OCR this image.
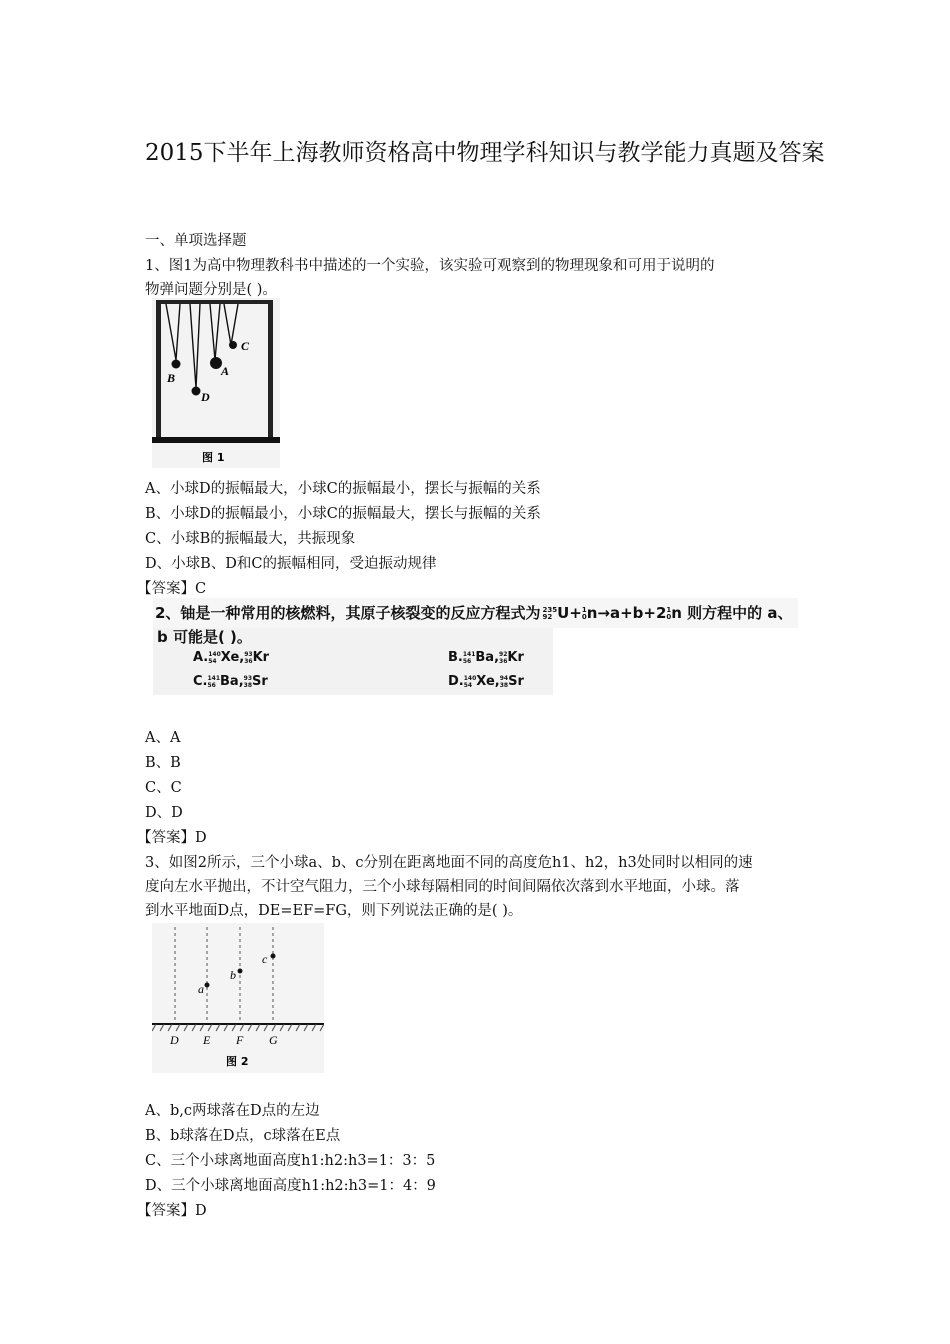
2015下半年上海教师资格高中物理学科知识与教学能力真题及答案
一、单项选择题
1、图1为高中物理教科书中描述的一个实验，该实验可观察到的物理现象和可用于说明的
物弹问题分别是( )。
C
A
B
D
图 1
A、小球D的振幅最大，小球C的振幅最小，摆长与振幅的关系
B、小球D的振幅最小，小球C的振幅最大，摆长与振幅的关系
C、小球B的振幅最大，共振现象
D、小球B、D和C的振幅相同，受迫振动规律
【答案】C
2、铀是一种常用的核燃料，其原子核裂变的反应方程式为 235
92 U+1
0n→a+b+21
0n 则方程中的 a、
b 可能是( )。
A.140
54 Xe,93
36Kr	B.141
56 Ba,92
36Kr
C.141
56 Ba,93
38Sr	D.140
54 Xe,94
38Sr
A、A
B、B
C、C
D、D
【答案】D
3、如图2所示，三个小球a、b、c分别在距离地面不同的高度危h1、h2，h3处同时以相同的速
度向左水平抛出，不计空气阻力，三个小球每隔相同的时间间隔依次落到水平地面，小球。落
到水平地面D点，DE=EF=FG，则下列说法正确的是( )。
a
b
c
D E F G
图 2
A、b,c两球落在D点的左边
B、b球落在D点，c球落在E点
C、三个小球离地面高度h1:h2:h3=1：3：5
D、三个小球离地面高度h1:h2:h3=1：4：9
【答案】D
